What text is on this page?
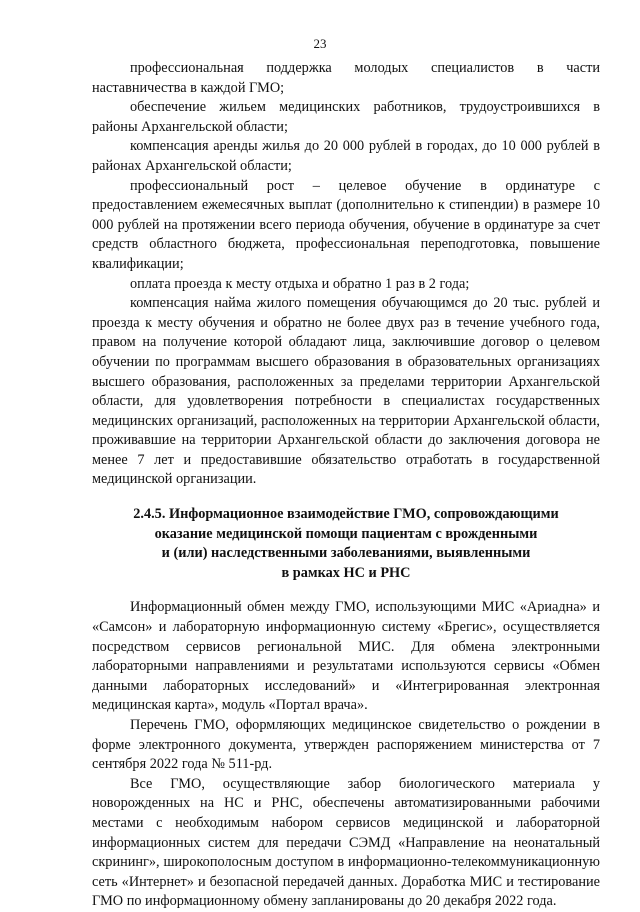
23

профессиональная поддержка молодых специалистов в части наставничества в каждой ГМО;

обеспечение жильем медицинских работников, трудоустроившихся в районы Архангельской области;

компенсация аренды жилья до 20 000 рублей в городах, до 10 000 рублей в районах Архангельской области;

профессиональный рост – целевое обучение в ординатуре с предоставлением ежемесячных выплат (дополнительно к стипендии) в размере 10 000 рублей на протяжении всего периода обучения, обучение в ординатуре за счет средств областного бюджета, профессиональная переподготовка, повышение квалификации;

оплата проезда к месту отдыха и обратно 1 раз в 2 года;

компенсация найма жилого помещения обучающимся до 20 тыс. рублей и проезда к месту обучения и обратно не более двух раз в течение учебного года, правом на получение которой обладают лица, заключившие договор о целевом обучении по программам высшего образования в образовательных организациях высшего образования, расположенных за пределами территории Архангельской области, для удовлетворения потребности в специалистах государственных медицинских организаций, расположенных на территории Архангельской области, проживавшие на территории Архангельской области до заключения договора не менее 7 лет и предоставившие обязательство отработать в государственной медицинской организации.

2.4.5. Информационное взаимодействие ГМО, сопровождающими
оказание медицинской помощи пациентам с врожденными
и (или) наследственными заболеваниями, выявленными
в рамках НС и РНС

Информационный обмен между ГМО, использующими МИС «Ариадна» и «Самсон» и лабораторную информационную систему «Брегис», осуществляется посредством сервисов региональной МИС. Для обмена электронными лабораторными направлениями и результатами используются сервисы «Обмен данными лабораторных исследований» и «Интегрированная электронная медицинская карта», модуль «Портал врача».

Перечень ГМО, оформляющих медицинское свидетельство о рождении в форме электронного документа, утвержден распоряжением министерства от 7 сентября 2022 года № 511-рд.

Все ГМО, осуществляющие забор биологического материала у новорожденных на НС и РНС, обеспечены автоматизированными рабочими местами с необходимым набором сервисов медицинской и лабораторной информационных систем для передачи СЭМД «Направление на неонатальный скрининг», широкополосным доступом в информационно-телекоммуникационную сеть «Интернет» и безопасной передачей данных. Доработка МИС и тестирование ГМО по информационному обмену запланированы до 20 декабря 2022 года.
